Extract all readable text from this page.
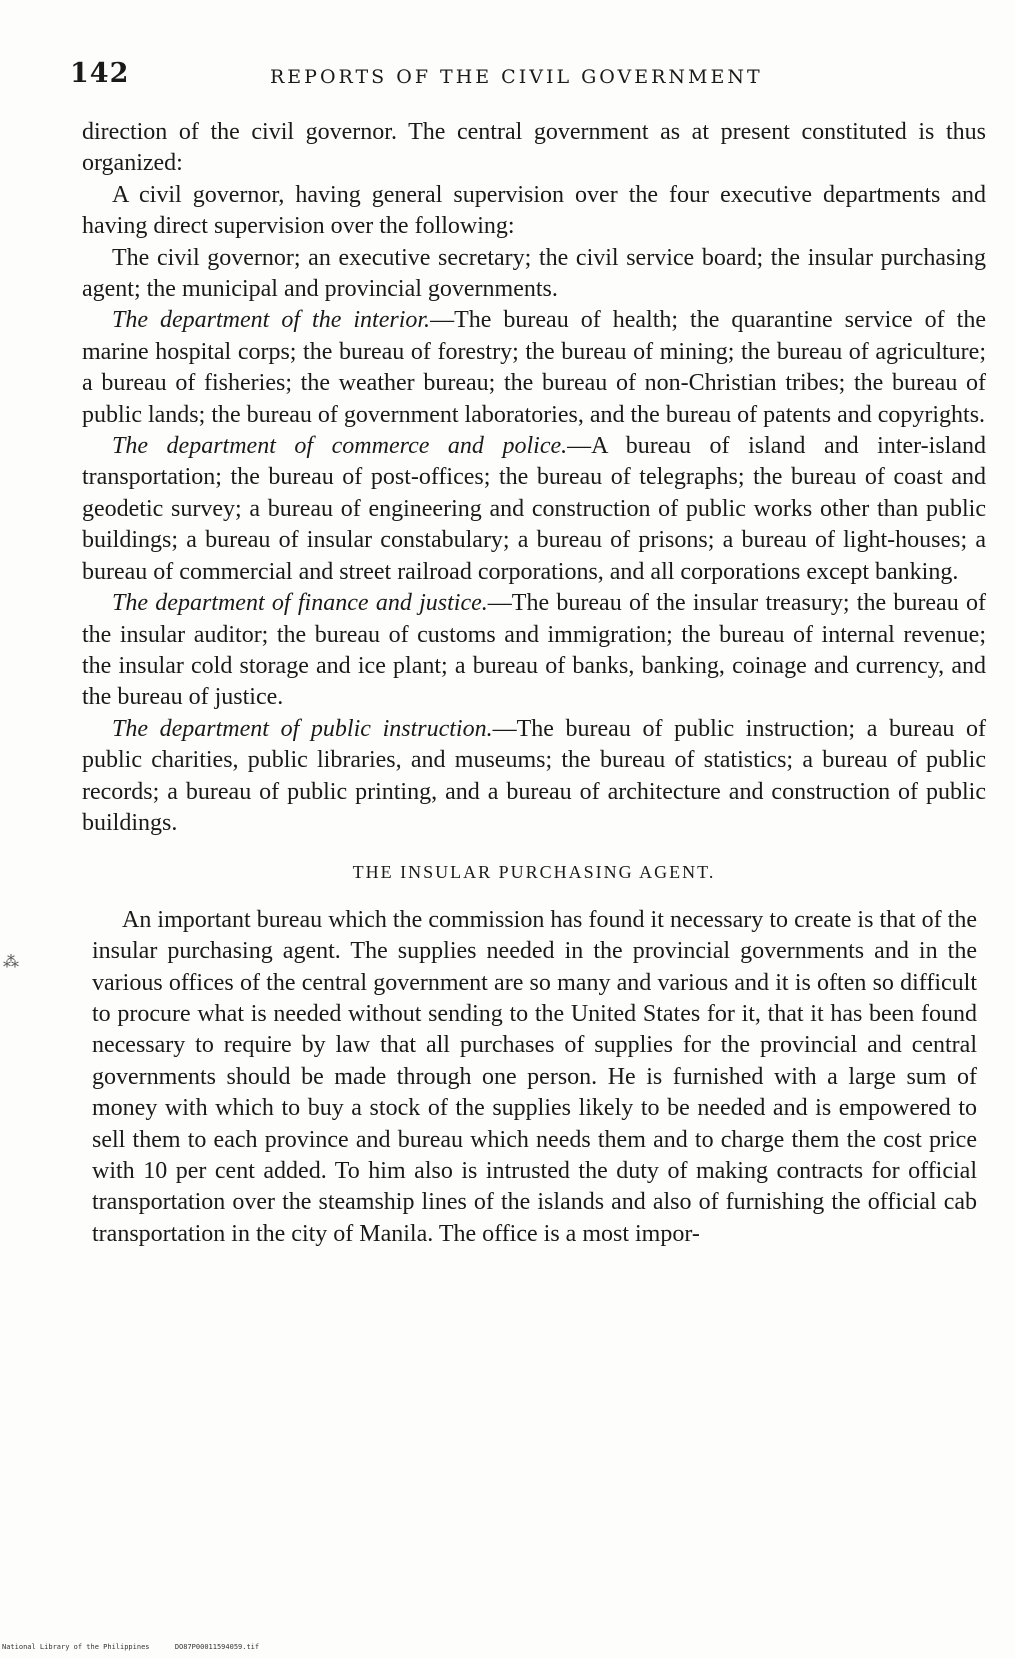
142	REPORTS OF THE CIVIL GOVERNMENT
⁂

direction of the civil governor. The central government as at present constituted is thus organized:

A civil governor, having general supervision over the four executive departments and having direct supervision over the following:

The civil governor; an executive secretary; the civil service board; the insular purchasing agent; the municipal and provincial governments.

The department of the interior.—The bureau of health; the quarantine service of the marine hospital corps; the bureau of forestry; the bureau of mining; the bureau of agriculture; a bureau of fisheries; the weather bureau; the bureau of non-Christian tribes; the bureau of public lands; the bureau of government laboratories, and the bureau of patents and copyrights.

The department of commerce and police.—A bureau of island and inter-island transportation; the bureau of post-offices; the bureau of telegraphs; the bureau of coast and geodetic survey; a bureau of engineering and construction of public works other than public buildings; a bureau of insular constabulary; a bureau of prisons; a bureau of light-houses; a bureau of commercial and street railroad corporations, and all corporations except banking.

The department of finance and justice.—The bureau of the insular treasury; the bureau of the insular auditor; the bureau of customs and immigration; the bureau of internal revenue; the insular cold storage and ice plant; a bureau of banks, banking, coinage and currency, and the bureau of justice.

The department of public instruction.—The bureau of public instruction; a bureau of public charities, public libraries, and museums; the bureau of statistics; a bureau of public records; a bureau of public printing, and a bureau of architecture and construction of public buildings.

THE INSULAR PURCHASING AGENT.

An important bureau which the commission has found it necessary to create is that of the insular purchasing agent. The supplies needed in the provincial governments and in the various offices of the central government are so many and various and it is often so difficult to procure what is needed without sending to the United States for it, that it has been found necessary to require by law that all purchases of supplies for the provincial and central governments should be made through one person. He is furnished with a large sum of money with which to buy a stock of the supplies likely to be needed and is empowered to sell them to each province and bureau which needs them and to charge them the cost price with 10 per cent added. To him also is intrusted the duty of making contracts for official transportation over the steamship lines of the islands and also of furnishing the official cab transportation in the city of Manila. The office is a most impor-

National Library of the Philippines	DO87P00011594059.tif
